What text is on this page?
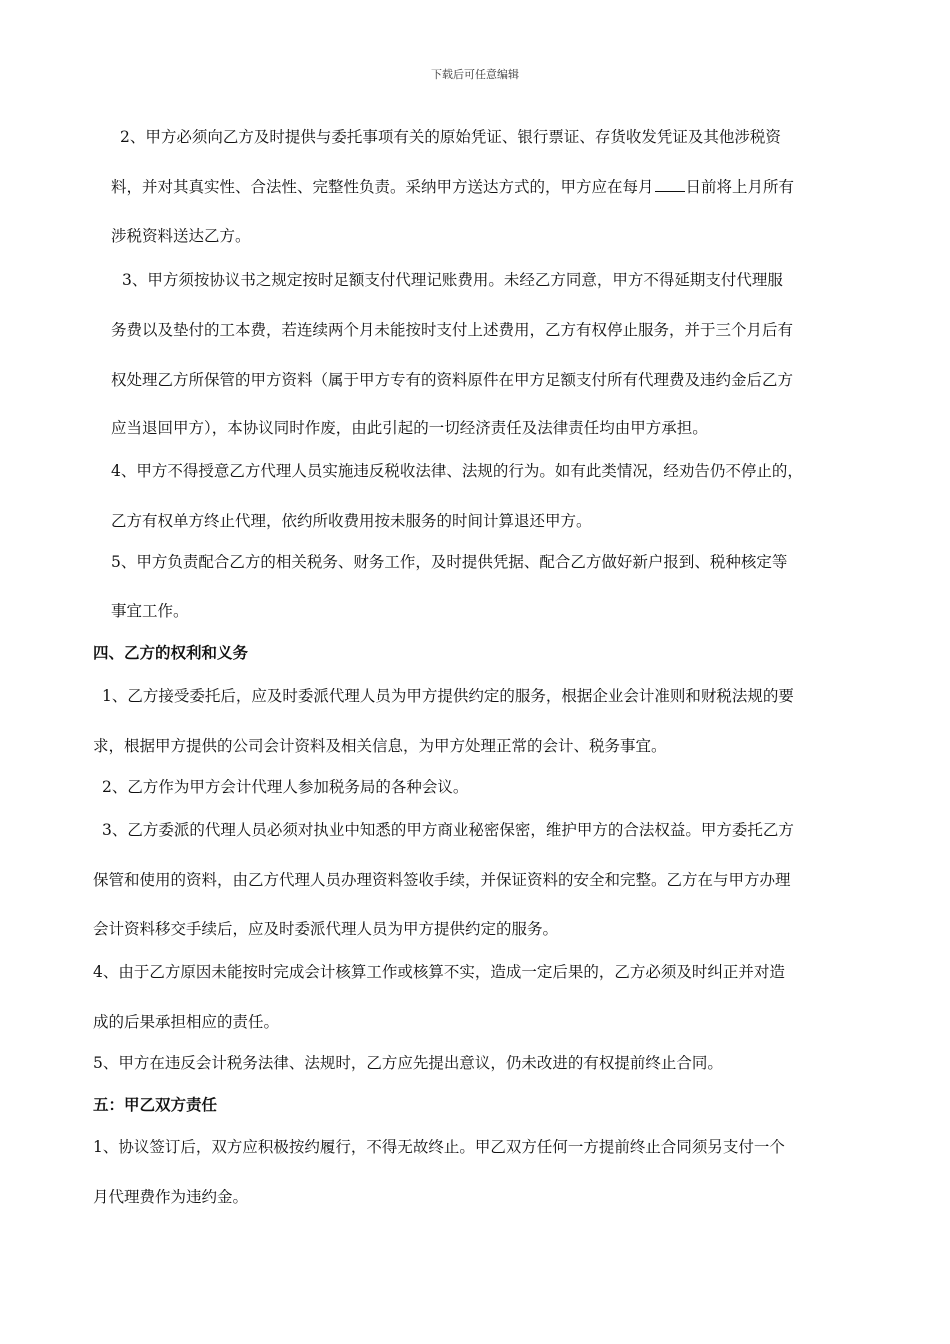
下载后可任意编辑
2、甲方必须向乙方及时提供与委托事项有关的原始凭证、银行票证、存货收发凭证及其他涉税资
料，并对其真实性、合法性、完整性负责。采纳甲方送达方式的，甲方应在每月 日前将上月所有
涉税资料送达乙方。
3、甲方须按协议书之规定按时足额支付代理记账费用。未经乙方同意，甲方不得延期支付代理服
务费以及垫付的工本费，若连续两个月未能按时支付上述费用，乙方有权停止服务，并于三个月后有
权处理乙方所保管的甲方资料（属于甲方专有的资料原件在甲方足额支付所有代理费及违约金后乙方
应当退回甲方），本协议同时作废，由此引起的一切经济责任及法律责任均由甲方承担。
4、甲方不得授意乙方代理人员实施违反税收法律、法规的行为。如有此类情况，经劝告仍不停止的，
乙方有权单方终止代理，依约所收费用按未服务的时间计算退还甲方。
5、甲方负责配合乙方的相关税务、财务工作，及时提供凭据、配合乙方做好新户报到、税种核定等
事宜工作。
四、乙方的权利和义务
1、乙方接受委托后，应及时委派代理人员为甲方提供约定的服务，根据企业会计准则和财税法规的要
求，根据甲方提供的公司会计资料及相关信息，为甲方处理正常的会计、税务事宜。
2、乙方作为甲方会计代理人参加税务局的各种会议。
3、乙方委派的代理人员必须对执业中知悉的甲方商业秘密保密，维护甲方的合法权益。甲方委托乙方
保管和使用的资料，由乙方代理人员办理资料签收手续，并保证资料的安全和完整。乙方在与甲方办理
会计资料移交手续后，应及时委派代理人员为甲方提供约定的服务。
4、由于乙方原因未能按时完成会计核算工作或核算不实，造成一定后果的，乙方必须及时纠正并对造
成的后果承担相应的责任。
5、甲方在违反会计税务法律、法规时，乙方应先提出意议，仍未改进的有权提前终止合同。
五：甲乙双方责任
1、协议签订后，双方应积极按约履行，不得无故终止。甲乙双方任何一方提前终止合同须另支付一个
月代理费作为违约金。
